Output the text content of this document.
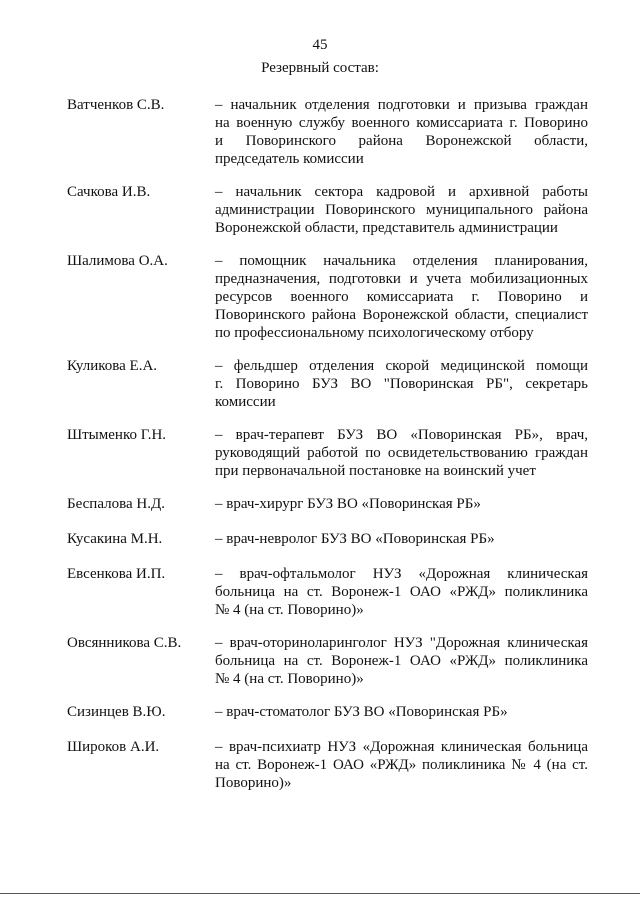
45
Резервный состав:
Ватченков С.В.	– начальник отделения подготовки и призыва граждан
на военную службу военного комиссариата г. Поворино
и Поворинского района Воронежской области,
председатель комиссии
Сачкова И.В.	– начальник сектора кадровой и архивной работы
администрации Поворинского муниципального района
Воронежской области, представитель администрации
Шалимова О.А.	– помощник начальника отделения планирования,
предназначения, подготовки и учета мобилизационных
ресурсов военного комиссариата г. Поворино и
Поворинского района Воронежской области, специалист
по профессиональному психологическому отбору
Куликова Е.А.	– фельдшер отделения скорой медицинской помощи
г. Поворино БУЗ ВО "Поворинская РБ", секретарь
комиссии
Штыменко Г.Н.	– врач-терапевт БУЗ ВО «Поворинская РБ», врач,
руководящий работой по освидетельствованию граждан
при первоначальной постановке на воинский учет
Беспалова Н.Д.	– врач-хирург БУЗ ВО «Поворинская РБ»
Кусакина М.Н.	– врач-невролог БУЗ ВО «Поворинская РБ»
Евсенкова И.П.	– врач-офтальмолог НУЗ «Дорожная клиническая
больница на ст. Воронеж-1 ОАО «РЖД» поликлиника
№ 4 (на ст. Поворино)»
Овсянникова С.В. – врач-оториноларинголог НУЗ "Дорожная клиническая
больница на ст. Воронеж-1 ОАО «РЖД» поликлиника
№ 4 (на ст. Поворино)»
Сизинцев В.Ю.	– врач-стоматолог БУЗ ВО «Поворинская РБ»
Широков А.И.	– врач-психиатр НУЗ «Дорожная клиническая больница
на ст. Воронеж-1 ОАО «РЖД» поликлиника № 4 (на ст.
Поворино)»
